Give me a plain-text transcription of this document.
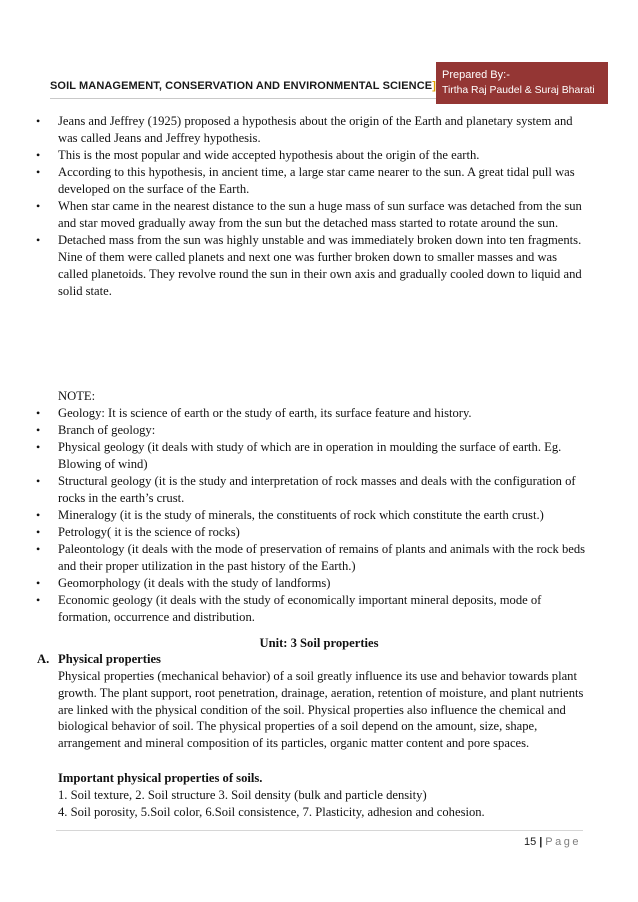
SOIL MANAGEMENT, CONSERVATION AND ENVIRONMENTAL SCIENCE]
Prepared By:-
Tirtha Raj Paudel & Suraj Bharati
•
Jeans and Jeffrey (1925) proposed a hypothesis about the origin of the Earth and planetary system and was called Jeans and Jeffrey hypothesis.
•
This is the most popular and wide accepted hypothesis about the origin of the earth.
•
According to this hypothesis, in ancient time, a large star came nearer to the sun. A great tidal pull was developed on the surface of the Earth.
•
When star came in the nearest distance to the sun a huge mass of sun surface was detached from the sun and star moved gradually away from the sun but the detached mass started to rotate around the sun.
•
Detached mass from the sun was highly unstable and was immediately broken down into ten fragments. Nine of them were called planets and next one was further broken down to smaller masses and was called planetoids. They revolve round the sun in their own axis and gradually cooled down to liquid and solid state.
NOTE:
•
Geology: It is science of earth or the study of earth, its surface feature and history.
•
Branch of geology:
•
Physical geology (it deals with study of which are in operation in moulding the surface of earth. Eg. Blowing of wind)
•
Structural geology (it is the study and interpretation of rock masses and deals with the configuration of rocks in the earth’s crust.
•
Mineralogy (it is the study of minerals, the constituents of rock which constitute the earth crust.)
•
Petrology( it is the science of rocks)
•
Paleontology (it deals with the mode of preservation of remains of plants and animals with the rock beds and their proper utilization in the past history of the Earth.)
•
Geomorphology (it deals with the study of landforms)
•
Economic geology (it deals with the study of economically important mineral deposits, mode of formation, occurrence and distribution.
Unit: 3 Soil properties
A. Physical properties
Physical properties (mechanical behavior) of a soil greatly influence its use and behavior towards plant growth. The plant support, root penetration, drainage, aeration, retention of moisture, and plant nutrients are linked with the physical condition of the soil. Physical properties also influence the chemical and biological behavior of soil. The physical properties of a soil depend on the amount, size, shape, arrangement and mineral composition of its particles, organic matter content and pore spaces.
Important physical properties of soils.
1. Soil texture, 2. Soil structure 3. Soil density (bulk and particle density)
4. Soil porosity, 5.Soil color, 6.Soil consistence, 7. Plasticity, adhesion and cohesion.
15 | Page
